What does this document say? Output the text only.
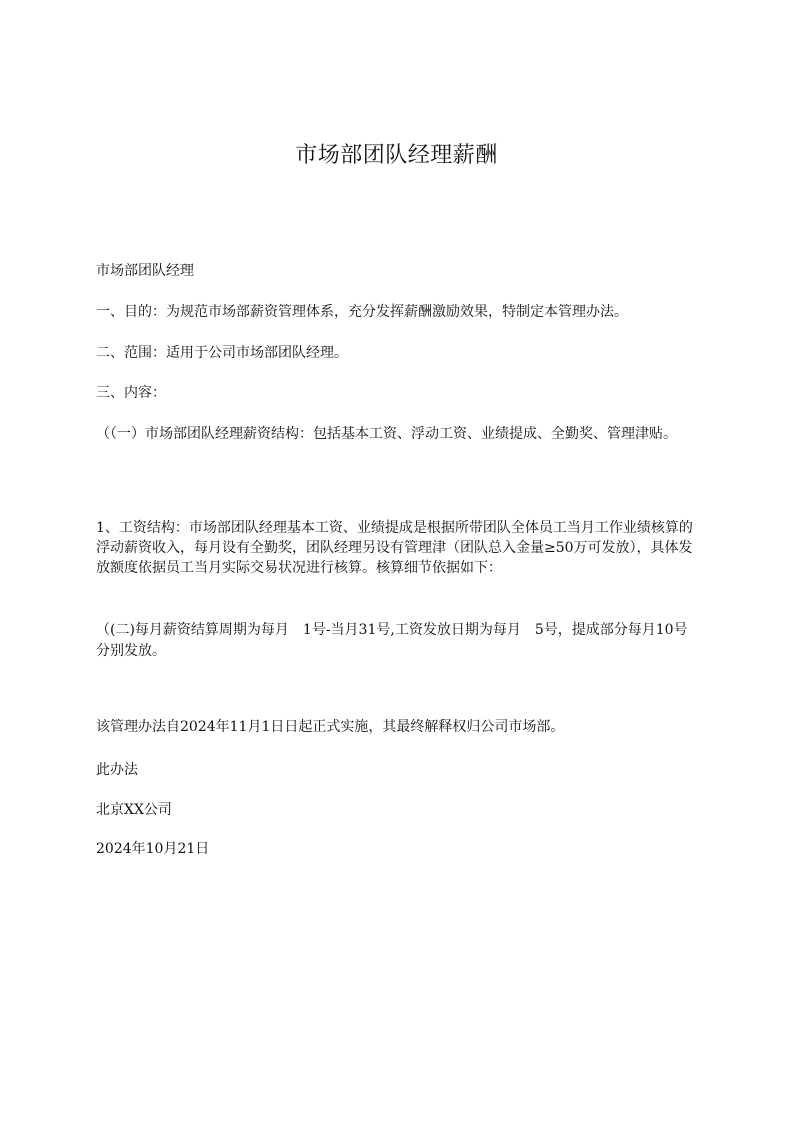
市场部团队经理薪酬
市场部团队经理
一、目的：为规范市场部薪资管理体系，充分发挥薪酬激励效果，特制定本管理办法。
二、范围：适用于公司市场部团队经理。
三、内容：
（（一）市场部团队经理薪资结构：包括基本工资、浮动工资、业绩提成、全勤奖、管理津贴。
1、工资结构：市场部团队经理基本工资、业绩提成是根据所带团队全体员工当月工作业绩核算的浮动薪资收入，每月设有全勤奖，团队经理另设有管理津（团队总入金量≥50万可发放），具体发放额度依据员工当月实际交易状况进行核算。核算细节依据如下：
（(二)每月薪资结算周期为每月　1号-当月31号,工资发放日期为每月　5号，提成部分每月10号分别发放。
该管理办法自2024年11月1日日起正式实施，其最终解释权归公司市场部。
此办法
北京XX公司
2024年10月21日
